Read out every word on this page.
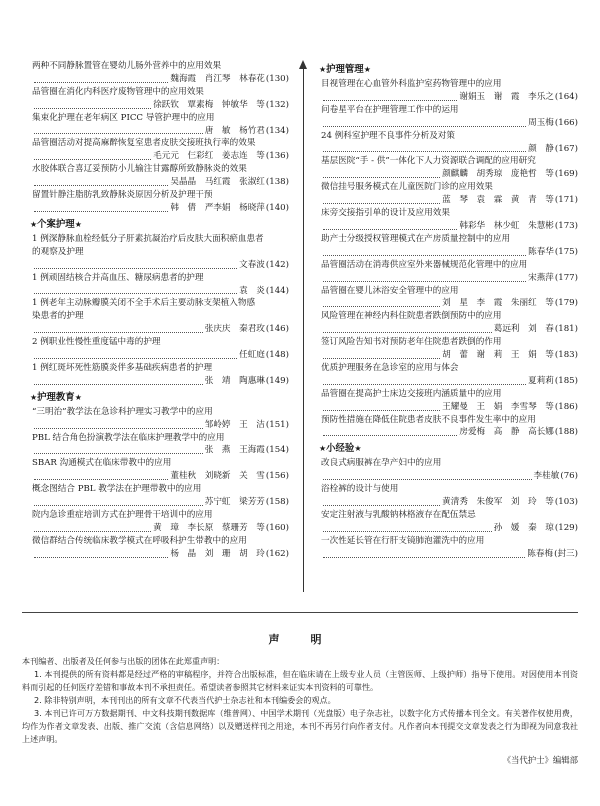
两种不同静脉置管在婴幼儿肠外营养中的应用效果
魏海霞　肖江琴　林春花 (130)
品管圈在消化内科医疗废物管理中的应用效果
徐跃钦　覃素梅　钟敏华　等 (132)
集束化护理在老年病区 PICC 导管护理中的应用
唐　敏　杨竹君 (134)
品管圈活动对提高麻醉恢复室患者皮肤交接班执行率的效果
毛元元　仨彩红　姜志连　等 (136)
水胶体联合喜辽妥预防小儿输注甘露醇所致静脉炎的效果
吴晶晶　马红霞　张淑红 (138)
留置针静注脂肪乳致静脉炎原因分析及护理干预
韩　倩　严李娟　杨晓萍 (140)
★个案护理★
1 例深静脉血栓经低分子肝素抗凝治疗后皮肤大面积瘀血患者
的观察及护理
文春波 (142)
1 例顽固结核合并高血压、糖尿病患者的护理
袁　炎 (144)
1 例老年主动脉瓣膜关闭不全手术后主要动脉支架植入物感
染患者的护理
张庆庆　秦君玫 (146)
2 例职业性慢性重度锰中毒的护理
任虹庭 (148)
1 例红斑坏死性筋膜炎伴多基础疾病患者的护理
张　靖　陶惠琳 (149)
★护理教育★
“三明治”教学法在急诊科护理实习教学中的应用
邹岭婷　王　洁 (151)
PBL 结合角色扮演教学法在临床护理教学中的应用
张　燕　王海霞 (154)
SBAR 沟通模式在临床带教中的应用
董桂秋　刘晓新　关　雪 (156)
概念图结合 PBL 教学法在护理带教中的应用
苏宁虹　梁芳芳 (158)
院内急诊重症培训方式在护理骨干培训中的应用
黄　璋　李长原　蔡珊芳　等 (160)
微信群结合传统临床教学模式在呼吸科护生带教中的应用
杨　晶　刘　珊　胡　玲 (162)
★护理管理★
目视管理在心血管外科监护室药物管理中的应用
谢娟玉　谢　霞　李乐之 (164)
问卷星平台在护理管理工作中的运用
周玉梅 (166)
24 例科室护理不良事件分析及对策
颜　静 (167)
基层医院“手 - 供”一体化下人力资源联合调配的应用研究
颜麒麟　胡秀琼　庞艳哲　等 (169)
微信挂号服务模式在儿童医院门诊的应用效果
蓝　琴　袁　霖　黄　青　等 (171)
床旁交接指引单的设计及应用效果
韩彩华　林少虹　朱慧彬 (173)
助产士分级授权管理模式在产房质量控制中的应用
陈春华 (175)
品管圈活动在消毒供应室外来器械规范化管理中的应用
宋燕萍 (177)
品管圈在婴儿沐浴安全管理中的应用
刘　星　李　霞　朱丽红　等 (179)
风险管理在神经内科住院患者跌倒预防中的应用
葛远利　刘　春 (181)
签订风险告知书对预防老年住院患者跌倒的作用
胡　蕾　谢　莉　王　娟　等 (183)
优质护理服务在急诊室的应用与体会
夏莉莉 (185)
品管圈在提高护士床边交接班内涵质量中的应用
王耀曼　王　娟　李雪琴　等 (186)
预防性措施在降低住院患者皮肤不良事件发生率中的应用
房爱梅　高　静　高长娜 (188)
★小经验★
改良式病服裤在孕产妇中的应用
李桂敏 (76)
浴栓裤的设计与使用
黄清秀　朱俊军　刘　玲　等 (103)
安定注射液与乳酸钠林格液存在配伍禁忌
孙　媛　秦　琼 (129)
一次性延长管在行肝支镜肺泡灌洗中的应用
陈春梅 (封三)
声　明

本刊编者、出版者及任何参与出版的团体在此郑重声明：

1. 本刊提供的所有资料都是经过严格的审稿程序，并符合出版标准，但在临床请在上级专业人员（主管医师、上级护师）指导下使用。对因使用本刊资料而引起的任何医疗差错和事故本刊不承担责任。希望读者参照其它材料来证实本刊资料的可靠性。

2. 除非特别声明，本刊刊出的所有文章不代表当代护士杂志社和本刊编委会的观点。

3. 本刊已许可万方数据期刊、中文科技期刊数据库（维普网）、中国学术期刊（光盘版）电子杂志社，以数字化方式传播本刊全文。有关著作权使用费，均作为作者文章发表、出版、推广交流（含信息网络）以及赠送样刊之用途，本刊不再另行向作者支付。凡作者向本刊提交文章发表之行为即视为同意我社上述声明。

《当代护士》编辑部
